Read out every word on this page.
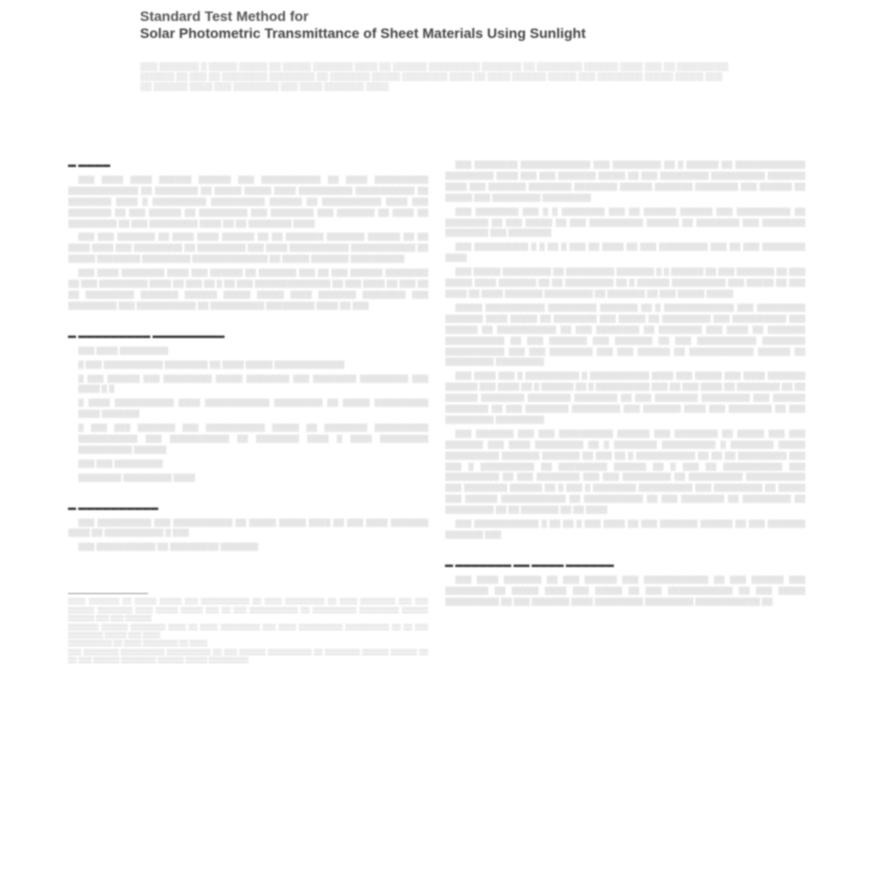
Standard Test Method for
Solar Photometric Transmittance of Sheet Materials Using Sunlight
░░░ ░░░░░░░ ░ ░░░░░ ░░░░░ ░░ ░░░░░ ░░░░░░░ ░░░░ ░░ ░░░░░░ ░░░░░░░░░ ░░░░░░░ ░░ ░░░░░░░░ ░░░░░░ ░░░░ ░░░ ░░ ░░░░░░░░░ ░░░░░░ ░░ ░░░ ░░ ░░░░░░░░ ░░░░░░░░ ░░ ░░░░░░░ ░░░░░ ░░░░░░░░ ░░░░ ░░ ░░░░ ░░░░░░ ░░░░░ ░░░ ░░░░░░░░ ░░░░░ ░░░░░ ░░░ ░░ ░░░░░░ ░░░░ ░░░ ░░░░░░░░ ░░░ ░░░░ ░░░░░░░ ░░░░
▬ ▬▬▬▬

░░░ ░░░░ ░░░░ ░░░░░░ ░░░░░░ ░░░ ░░░░░░░░░░░ ░░ ░░░░ ░░░░░░░░░░ ░░░░░░░░░░░░░ ░░ ░░░░░░░░ ░░ ░░░░░ ░░░░░ ░░░░ ░░░░░░░░░░ ░░░░░░░░░░░ ░░ ░░░░░░░░ ░░░░ ░ ░░░░░░░░░░ ░░░░░░░░░░ ░░░░░░ ░░ ░░░░░░░░░░░ ░░░░ ░░░ ░░░░░░░░ ░░ ░░░ ░░░░░░ ░░ ░░░░░░░░░ ░░░ ░░░░░░░░ ░░░ ░░░░░░░ ░░ ░░░░ ░░ ░░░░░░░░░ ░░ ░░░ ░░░░░░░░░ ░░░░ ░░ ░░ ░░░░░░░░ ░░░░

░░░ ░░░ ░░░░░░░ ░░ ░░░░ ░░░░ ░░░░░░ ░░ ░░ ░░░░░░░ ░░░░░░░ ░░░░░░ ░░ ░░ ░░░░ ░░░░ ░░░ ░░░░░░░░░ ░░ ░░░░░░░░░ ░░░ ░░░░ ░░░░░░░░░░░ ░░░░░░░░░░░░ ░░ ░░░░░ ░░░░░░░░ ░░░░░░░░░ ░░░░░░░░░░░░░░ ░░ ░░░░░ ░░░░░░░ ░░░░░░░░░░

░░░ ░░░░ ░░░░░░░░ ░░░░ ░░░ ░░░░░░ ░░ ░░░░░░░ ░░░ ░░ ░░░ ░░░░░░ ░░░░░░░░ ░░ ░░░ ░░░░░░░░░ ░░░░ ░░ ░░░ ░░ ░ ░░ ░░░ ░░░░░░░░░░░░░░ ░░ ░░░ ░░░░ ░░ ░░░ ░░ ░░ ░░░░░░░░░ ░░░░░░░ ░░░░░░ ░░░░░ ░░░░░ ░░░░ ░░░░░░░ ░░░░░░░░ ░░░ ░░░░░░░░░ ░░░ ░░░░░░░░░░░ ░░ ░░░░░░░░░░ ░░░░░░░░░ ░░░░ ░░ ░░░

▬ ▬▬▬▬▬▬▬▬▬ ▬▬▬▬▬▬▬▬▬

░░░ ░░░░ ░░░░░░░░░

░ ░░░ ░░░░░░░░░░░ ░░░░░░░░ ░░ ░░░░ ░░░░░ ░░░░░░░░░░░░░

░ ░░░ ░░░░░░ ░░░ ░░░░░░░░░ ░░░░░ ░░░░░░░░ ░░░ ░░░░░░░░ ░░░░░░░░░ ░░░ ░░░░ ░ ░

░ ░░░░ ░░░░░░░░░░░ ░░░░ ░░░░░░░░░░░░ ░░░░░░░░░ ░░ ░░░░░ ░░░░░░░░░░ ░░░░ ░░░░░░░

░ ░░░ ░░░ ░░░░░░░ ░░░ ░░░░░░░░░░░ ░░░░░ ░░ ░░░░░░░░ ░░░░░░░░░░ ░░░░░░░░░░░ ░░░ ░░░░░░░░░░░ ░░ ░░░░░░░░ ░░░░ ░ ░░░░ ░░░░░░░░░ ░░░░░░░░░░ ░░░░░░

░░░ ░░░ ░░░░░░░░░

░░░░░░░░ ░░░░░░░░░ ░░░░

▬ ▬▬▬▬▬▬▬▬▬▬

░░░ ░░░░░░░░░░ ░░░ ░░░░░░░░░░░ ░░ ░░░░░ ░░░░░ ░░░░ ░░ ░░░ ░░░░ ░░░░░░░ ░░░░ ░░ ░░░░░░░░░░░ ░ ░░░

░░░ ░░░░░░░░░░░ ░░ ░░░░░░░░░ ░░░░░░░

░░░░ ░░░░░░░ ░░ ░░░░░ ░░░░░ ░░░ ░░░░░░░░░░░ ░░ ░░░░ ░░░░░░░░░ ░░ ░░░░ ░░░░░░░░ ░░░ ░░░ ░░░░░░ ░░░░░░░░ ░░░░ ░░░░░ ░░░░░ ░░░ ░░ ░░░ ░░░░░░░░░░░ ░░ ░░░░░░░░░░ ░░░░░░░░░ ░░░░░░ ░░░░░░ ░░░ ░░░ ░░░░░░
░░░░░░░ ░░░░░░ ░░░░░░░░ ░░░░ ░░ ░░░░ ░░░░░░░░░ ░░░ ░░░░ ░░░░░░░░░░ ░░░░░░░░░░ ░░ ░░ ░░░ ░░░░░░░░ ░░░░░ ░░░ ░░░░
░░░░░░░░░░ ░░ ░░░░ ░░░░░░░░ ░░ ░░░░
░░░ ░░░░░░░░ ░░░░░░░░░░ ░░░░░░░░░░ ░░ ░░░ ░░░░░░ ░░░░░░░░░░ ░░ ░░░░░░░░ ░░░░░░ ░░░░░░ ░░ ░░ ░░░ ░░░░░░ ░░░░░░░░ ░░░░░░ ░░░░░ ░░░░░░░░░

░░░ ░░░░░░░░ ░░░░░░░░░░░░░ ░░░ ░░░░░░░░░ ░░ ░ ░░░░░░ ░░ ░░░░░░░░░░░░░ ░░░░░░░░░ ░░░░ ░░░ ░░░ ░░░░░░░ ░░░░░ ░░ ░░░ ░░░░░░░░░ ░░░░░░░░░░ ░░░░░░░ ░░░░ ░░░ ░░░░░░░ ░░░░░░░░ ░░░░░░░░ ░░░░░░ ░░░░░░░ ░░░░░░░░ ░░░ ░░░░░░ ░░ ░░░░░ ░░░ ░░░░░░░░░ ░░░░░░░░░

░░░ ░░░░░░░░ ░░░ ░ ░ ░░░░░░░░ ░░░ ░░ ░░░░░░ ░░░░░░ ░░░ ░░░░░░░░░░ ░░ ░░░░░░░░ ░░ ░░░ ░░░░░ ░░ ░░░ ░░░░░░░░░░ ░░░░░░ ░░ ░░░░░░░░ ░░░ ░░░░░░░░ ░░░░░░░░ ░░░ ░░░░░░░░

░░░ ░░░░░░░░░░ ░ ░ ░░ ░ ░░░ ░░ ░░░░ ░░ ░░░ ░░░░░░░░░ ░░░ ░░ ░░░ ░░░░░░░░ ░░░░

░░░ ░░░░░ ░░░░░░░░░ ░░ ░░░░░░░░░ ░░░░░░░ ░ ░ ░░░░░░ ░░ ░░░ ░░░░░░░ ░░ ░░░ ░░░░░ ░░░░ ░░░░░░░ ░░ ░░ ░░░░░░░░░ ░░ ░ ░░░░░░ ░░░░░░░░░░ ░░░ ░░░░░ ░░ ░░░ ░░░░ ░░ ░░░░ ░░░░░░░ ░░░░░░░░░ ░░ ░░░░░░░ ░░ ░░░ ░░░░░ ░░░░░

░░░░░ ░░░░░░░░░░░ ░░░░░░░░░ ░░░░░░░ ░░ ░ ░░░░░░░░░░░░░ ░░░ ░░░░░░░░░ ░░░░░░░ ░░░░ ░░░░░ ░░ ░░░░░░░░ ░░░ ░░░░░ ░░ ░░░░░░░░░ ░░░ ░░░░░░░░░░ ░░░ ░░░░░░ ░░ ░░░░░░░░░░░ ░░ ░░░ ░░░░░░░░ ░░ ░░░░░░░░ ░░░ ░░░░ ░░ ░░░░░░░ ░░░░░░░░░░░ ░░ ░░░ ░░░░░░░ ░░░ ░░░░░░░ ░░ ░░░ ░░░░░░░░░░░ ░░░░░░░░ ░░░░░░░░░░░ ░░░ ░░░ ░░░░░░░░ ░░░ ░░░ ░░░░░░ ░░ ░░░░░░░░░░░░ ░░░░░░ ░░ ░░░░░░░░░ ░░░░░░░░░

░░░ ░░░░ ░░░ ░ ░░░░░░░░░░ ░ ░░░░░░░░░░░ ░░░░ ░░░ ░░░░░ ░░░ ░░░░ ░░░░░░░ ░░░░░░ ░░░ ░░░░ ░░ ░ ░░░░░░ ░░ ░ ░░░░░░░░░░ ░░░ ░░ ░░░ ░░░░ ░░ ░░░░░░░░ ░░ ░░ ░░░░░░ ░░░░░░░░ ░░░░░░░░ ░░░░░░░░ ░░ ░░░ ░░░░░░░░ ░░░░░░░░░ ░░░ ░░░░░░ ░░░░░░░░ ░░ ░░░ ░░░░░░░░ ░░░░░░░░░ ░░░ ░░░░░░░ ░░░░ ░░░ ░░░░░░░░ ░░ ░░░ ░░░░░░░░░ ░░░░░░░░░

░░░ ░░░░░░░ ░░░ ░░░ ░░░░░░░░░░ ░░░░░░ ░░░ ░░░░░░░░ ░░ ░░░░░ ░░░ ░░░ ░░░░░░░ ░░░ ░░░░ ░░░░░░░░░ ░░ ░ ░░░░░░░░ ░░░░░░░░░░ ░ ░░░░░░░░ ░░░░░ ░░░░░░░░░░ ░░░░░░░ ░░░░░░░ ░░ ░░░ ░░ ░ ░░░░░░░░░░░ ░░ ░░ ░░ ░░░░░░░░░ ░░░ ░░░ ░ ░░░░░░░░░░ ░░ ░░░░░░░░░ ░░░░░░ ░░ ░ ░░░ ░░ ░░░░░░░░░░░ ░░░ ░░░░░░░░░░ ░░ ░░░ ░░░░░░░░ ░░░ ░░░ ░░░░░░░░░ ░░ ░░░░░░░░░░ ░░░░░░░░░░░ ░░░ ░░░░░░░░ ░░░░░░ ░░ ░ ░░░ ░ ░░░░░░░░ ░░░░░░░░░░ ░░░ ░░░░░░░░░ ░░ ░░░░░ ░░░ ░░░░░░ ░░░░░░░░░░░░ ░░ ░░░░░░░░░░░ ░░ ░░░ ░░░░░░░░ ░░ ░░░░░░░░░ ░░ ░░░░░░░░░ ░░ ░░ ░░░░░░░ ░░ ░░ ░░░░

░░░ ░░░░░░░░░░░░ ░ ░░ ░░ ░ ░░░ ░░░░ ░░ ░░░ ░░░░░░░ ░░░░░░ ░░ ░░░ ░░░░░░░ ░░░░░░░ ░░░

▬ ▬▬▬▬▬▬▬ ▬▬ ▬▬▬▬ ▬▬▬▬▬▬

░░░ ░░░░ ░░░░░░░ ░░ ░░░ ░░░░░░ ░░░ ░░░░░░░░░░░░ ░░ ░░░ ░░░░░░ ░░░ ░░░░░░░░ ░░ ░░░░░ ░░░░ ░░░ ░░░░░ ░░ ░░░ ░░░░░░░░░░░░ ░░ ░░░ ░░░░░ ░░░░░░░░░░ ░░ ░░░ ░░░░░░░ ░░░░ ░░░░░░░░░ ░░░░░░░░░ ░░░░░░░░░░░░ ░░
